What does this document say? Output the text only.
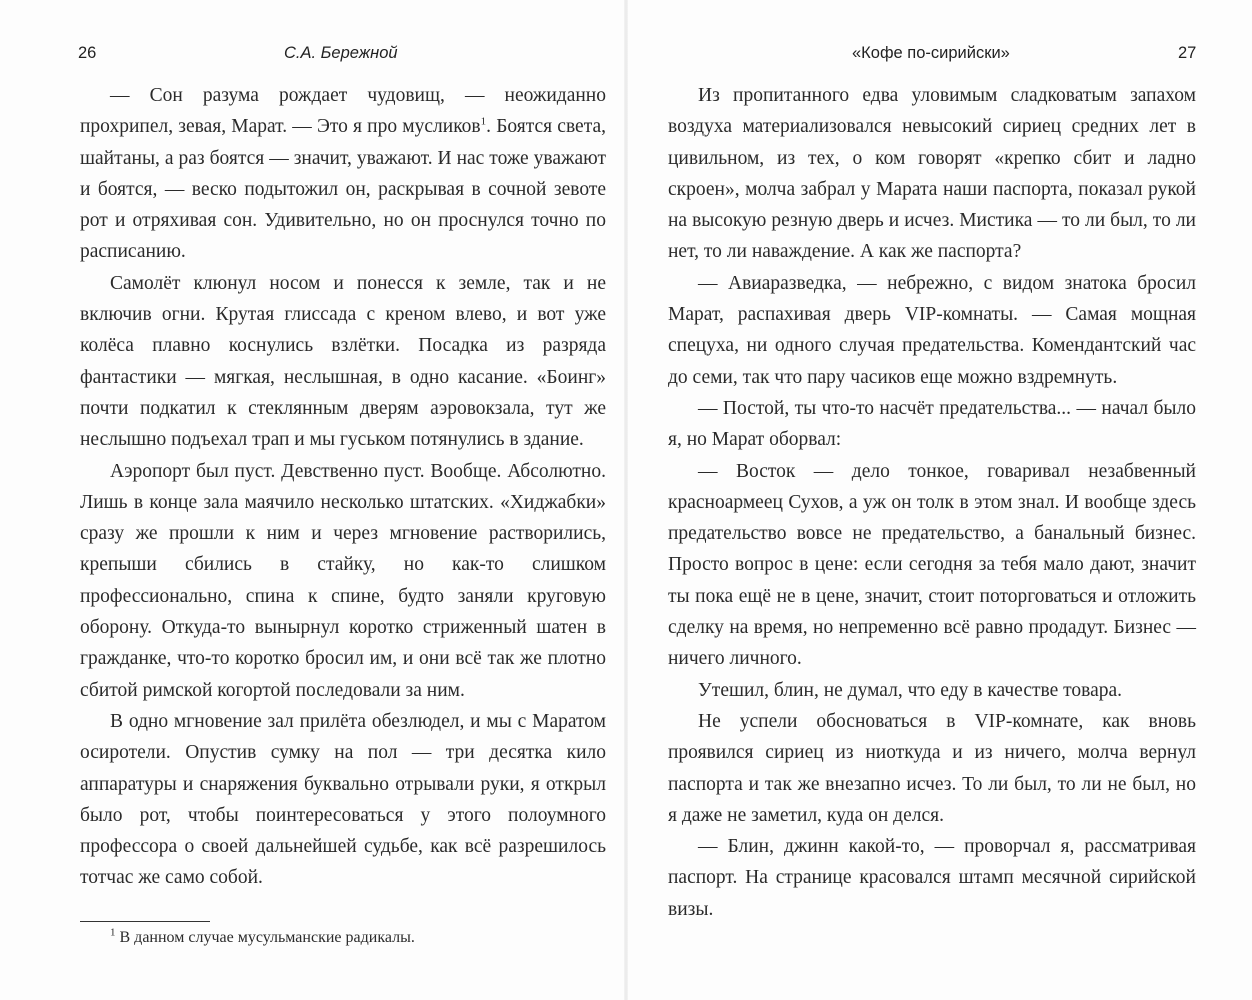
26	С.А. Бережной

— Сон разума рождает чудовищ, — неожиданно прохрипел, зевая, Марат. — Это я про мусликов$^1$. Боятся света, шайтаны, а раз боятся — значит, уважают. И нас тоже уважают и боятся, — веско подытожил он, раскрывая в сочной зевоте рот и отряхивая сон. Удивительно, но он проснулся точно по расписанию.

Самолёт клюнул носом и понесся к земле, так и не включив огни. Крутая глиссада с креном влево, и вот уже колёса плавно коснулись взлётки. Посадка из разряда фантастики — мягкая, неслышная, в одно касание. «Боинг» почти подкатил к стеклянным дверям аэровокзала, тут же неслышно подъехал трап и мы гуськом потянулись в здание.

Аэропорт был пуст. Девственно пуст. Вообще. Абсолютно. Лишь в конце зала маячило несколько штатских. «Хиджабки» сразу же прошли к ним и через мгновение растворились, крепыши сбились в стайку, но как-то слишком профессионально, спина к спине, будто заняли круговую оборону. Откуда-то вынырнул коротко стриженный шатен в гражданке, что-то коротко бросил им, и они всё так же плотно сбитой римской когортой последовали за ним.

В одно мгновение зал прилёта обезлюдел, и мы с Маратом осиротели. Опустив сумку на пол — три десятка кило аппаратуры и снаряжения буквально отрывали руки, я открыл было рот, чтобы поинтересоваться у этого полоумного профессора о своей дальнейшей судьбе, как всё разрешилось тотчас же само собой.

$^1$ В данном случае мусульманские радикалы.
«Кофе по-сирийски»	27

Из пропитанного едва уловимым сладковатым запахом воздуха материализовался невысокий сириец средних лет в цивильном, из тех, о ком говорят «крепко сбит и ладно скроен», молча забрал у Марата наши паспорта, показал рукой на высокую резную дверь и исчез. Мистика — то ли был, то ли нет, то ли наваждение. А как же паспорта?

— Авиаразведка, — небрежно, с видом знатока бросил Марат, распахивая дверь VIP-комнаты. — Самая мощная спецуха, ни одного случая предательства. Комендантский час до семи, так что пару часиков еще можно вздремнуть.

— Постой, ты что-то насчёт предательства... — начал было я, но Марат оборвал:

— Восток — дело тонкое, говаривал незабвенный красноармеец Сухов, а уж он толк в этом знал. И вообще здесь предательство вовсе не предательство, а банальный бизнес. Просто вопрос в цене: если сегодня за тебя мало дают, значит ты пока ещё не в цене, значит, стоит поторговаться и отложить сделку на время, но непременно всё равно продадут. Бизнес — ничего личного.

Утешил, блин, не думал, что еду в качестве товара.

Не успели обосноваться в VIP-комнате, как вновь проявился сириец из ниоткуда и из ничего, молча вернул паспорта и так же внезапно исчез. То ли был, то ли не был, но я даже не заметил, куда он делся.

— Блин, джинн какой-то, — проворчал я, рассматривая паспорт. На странице красовался штамп месячной сирийской визы.
